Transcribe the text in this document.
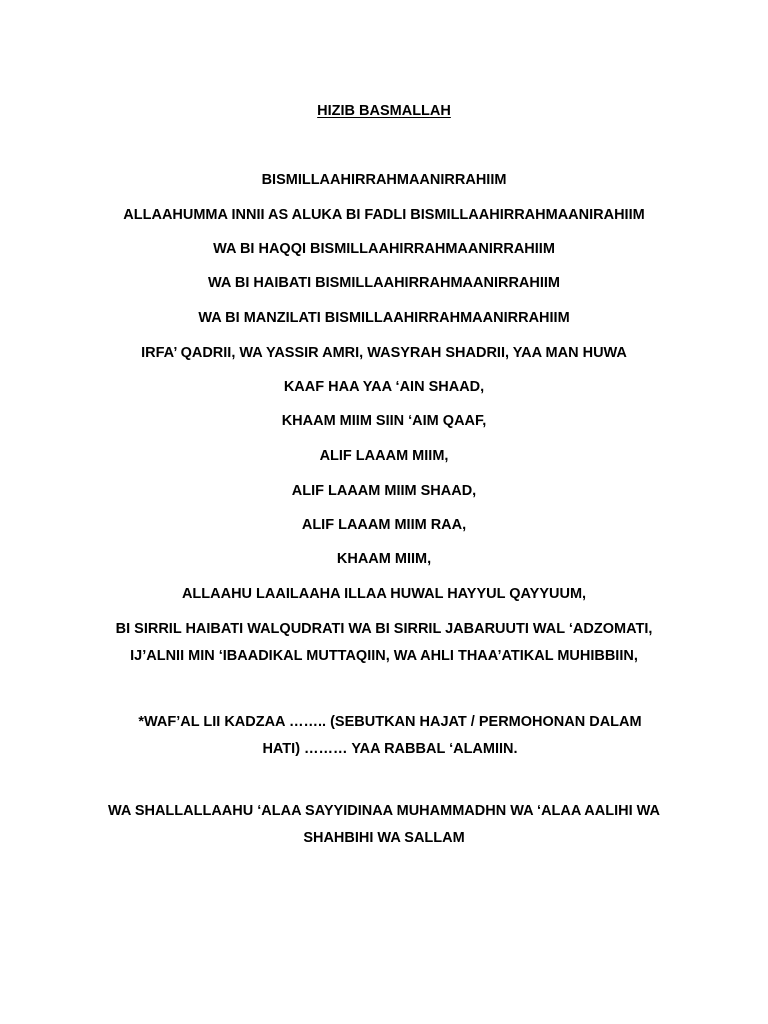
HIZIB BASMALLAH
BISMILLAAHIRRAHMAANIRRAHIIM
ALLAAHUMMA INNII AS ALUKA BI FADLI BISMILLAAHIRRAHMAANIRAHIIM
WA BI HAQQI BISMILLAAHIRRAHMAANIRRAHIIM
WA BI HAIBATI BISMILLAAHIRRAHMAANIRRAHIIM
WA BI MANZILATI BISMILLAAHIRRAHMAANIRRAHIIM
IRFA’ QADRII, WA YASSIR AMRI, WASYRAH SHADRII, YAA MAN HUWA
KAAF HAA YAA ‘AIN SHAAD,
KHAAM MIIM SIIN ‘AIM QAAF,
ALIF LAAAM MIIM,
ALIF LAAAM MIIM SHAAD,
ALIF LAAAM MIIM RAA,
KHAAM MIIM,
ALLAAHU LAAILAAHA ILLAA HUWAL HAYYUL QAYYUUM,
BI SIRRIL HAIBATI WALQUDRATI WA BI SIRRIL JABARUUTI WAL ‘ADZOMATI,
IJ’ALNII MIN ‘IBAADIKAL MUTTAQIIN, WA AHLI THAA’ATIKAL MUHIBBIIN,
*WAF’AL LII KADZAA …….. (SEBUTKAN HAJAT / PERMOHONAN DALAM HATI) ……… YAA RABBAL ‘ALAMIIN.
WA SHALLALLAAHU ‘ALAA SAYYIDINAA MUHAMMADHN WA ‘ALAA AALIHI WA SHAHBIHI WA SALLAM
